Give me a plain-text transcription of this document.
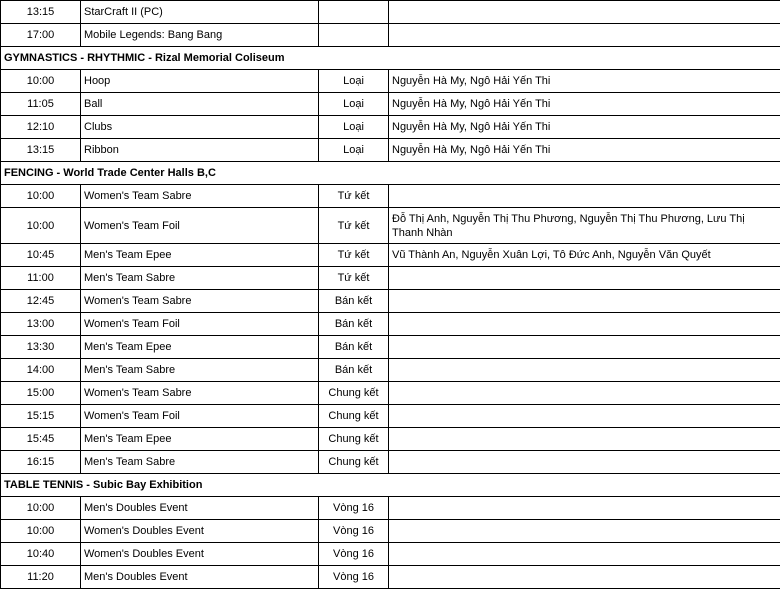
13:15	StarCraft II (PC)		
17:00	Mobile Legends: Bang Bang		
GYMNASTICS - RHYTHMIC - Rizal Memorial Coliseum			
10:00	Hoop	Loại	Nguyễn Hà My, Ngô Hải Yến Thi
11:05	Ball	Loại	Nguyễn Hà My, Ngô Hải Yến Thi
12:10	Clubs	Loại	Nguyễn Hà My, Ngô Hải Yến Thi
13:15	Ribbon	Loại	Nguyễn Hà My, Ngô Hải Yến Thi
FENCING - World Trade Center Halls B,C			
10:00	Women's Team Sabre	Tứ kết	
10:00	Women's Team Foil	Tứ kết	Đỗ Thị Anh, Nguyễn Thị Thu Phương, Nguyễn Thị Thu Phương, Lưu Thị Thanh Nhàn
10:45	Men's Team Epee	Tứ kết	Vũ Thành An, Nguyễn Xuân Lợi, Tô Đức Anh, Nguyễn Văn Quyết
11:00	Men's Team Sabre	Tứ kết	
12:45	Women's Team Sabre	Bán kết	
13:00	Women's Team Foil	Bán kết	
13:30	Men's Team Epee	Bán kết	
14:00	Men's Team Sabre	Bán kết	
15:00	Women's Team Sabre	Chung kết	
15:15	Women's Team Foil	Chung kết	
15:45	Men's Team Epee	Chung kết	
16:15	Men's Team Sabre	Chung kết	
TABLE TENNIS - Subic Bay Exhibition			
10:00	Men's Doubles Event	Vòng 16	
10:00	Women's Doubles Event	Vòng 16	
10:40	Women's Doubles Event	Vòng 16	
11:20	Men's Doubles Event	Vòng 16	
